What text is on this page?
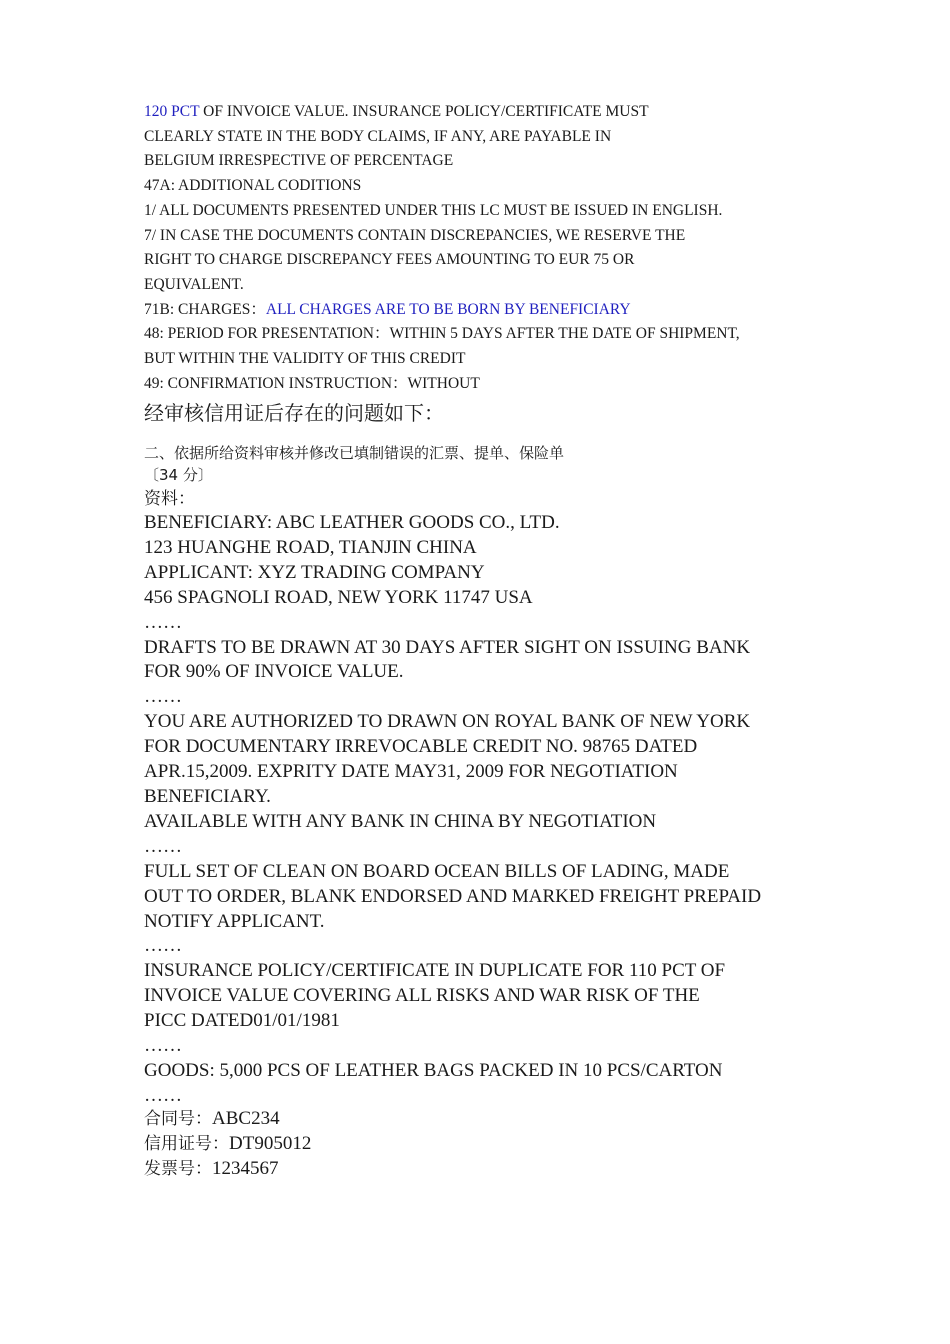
120 PCT OF INVOICE VALUE. INSURANCE POLICY/CERTIFICATE MUST
CLEARLY STATE IN THE BODY CLAIMS, IF ANY, ARE PAYABLE IN
BELGIUM IRRESPECTIVE OF PERCENTAGE
47A: ADDITIONAL CODITIONS
1/ ALL DOCUMENTS PRESENTED UNDER THIS LC MUST BE ISSUED IN ENGLISH.
7/ IN CASE THE DOCUMENTS CONTAIN DISCREPANCIES, WE RESERVE THE
RIGHT TO CHARGE DISCREPANCY FEES AMOUNTING TO EUR 75 OR
EQUIVALENT.
71B: CHARGES：ALL CHARGES ARE TO BE BORN BY BENEFICIARY
48: PERIOD FOR PRESENTATION：WITHIN 5 DAYS AFTER THE DATE OF SHIPMENT,
BUT WITHIN THE VALIDITY OF THIS CREDIT
49: CONFIRMATION INSTRUCTION：WITHOUT
经审核信用证后存在的问题如下：
二、依据所给资料审核并修改已填制错误的汇票、提单、保险单
〔34 分〕
资料：
BENEFICIARY: ABC LEATHER GOODS CO., LTD.
123 HUANGHE ROAD, TIANJIN CHINA
APPLICANT: XYZ TRADING COMPANY
456 SPAGNOLI ROAD, NEW YORK 11747 USA
……
DRAFTS TO BE DRAWN AT 30 DAYS AFTER SIGHT ON ISSUING BANK
FOR 90% OF INVOICE VALUE.
……
YOU ARE AUTHORIZED TO DRAWN ON ROYAL BANK OF NEW YORK
FOR DOCUMENTARY IRREVOCABLE CREDIT NO. 98765 DATED
APR.15,2009. EXPRITY DATE MAY31, 2009 FOR NEGOTIATION
BENEFICIARY.
AVAILABLE WITH ANY BANK IN CHINA BY NEGOTIATION
……
FULL SET OF CLEAN ON BOARD OCEAN BILLS OF LADING, MADE
OUT TO ORDER, BLANK ENDORSED AND MARKED FREIGHT PREPAID
NOTIFY APPLICANT.
……
INSURANCE POLICY/CERTIFICATE IN DUPLICATE FOR 110 PCT OF
INVOICE VALUE COVERING ALL RISKS AND WAR RISK OF THE
PICC DATED01/01/1981
……
GOODS: 5,000 PCS OF LEATHER BAGS PACKED IN 10 PCS/CARTON
……
合同号：ABC234
信用证号：DT905012
发票号：1234567
